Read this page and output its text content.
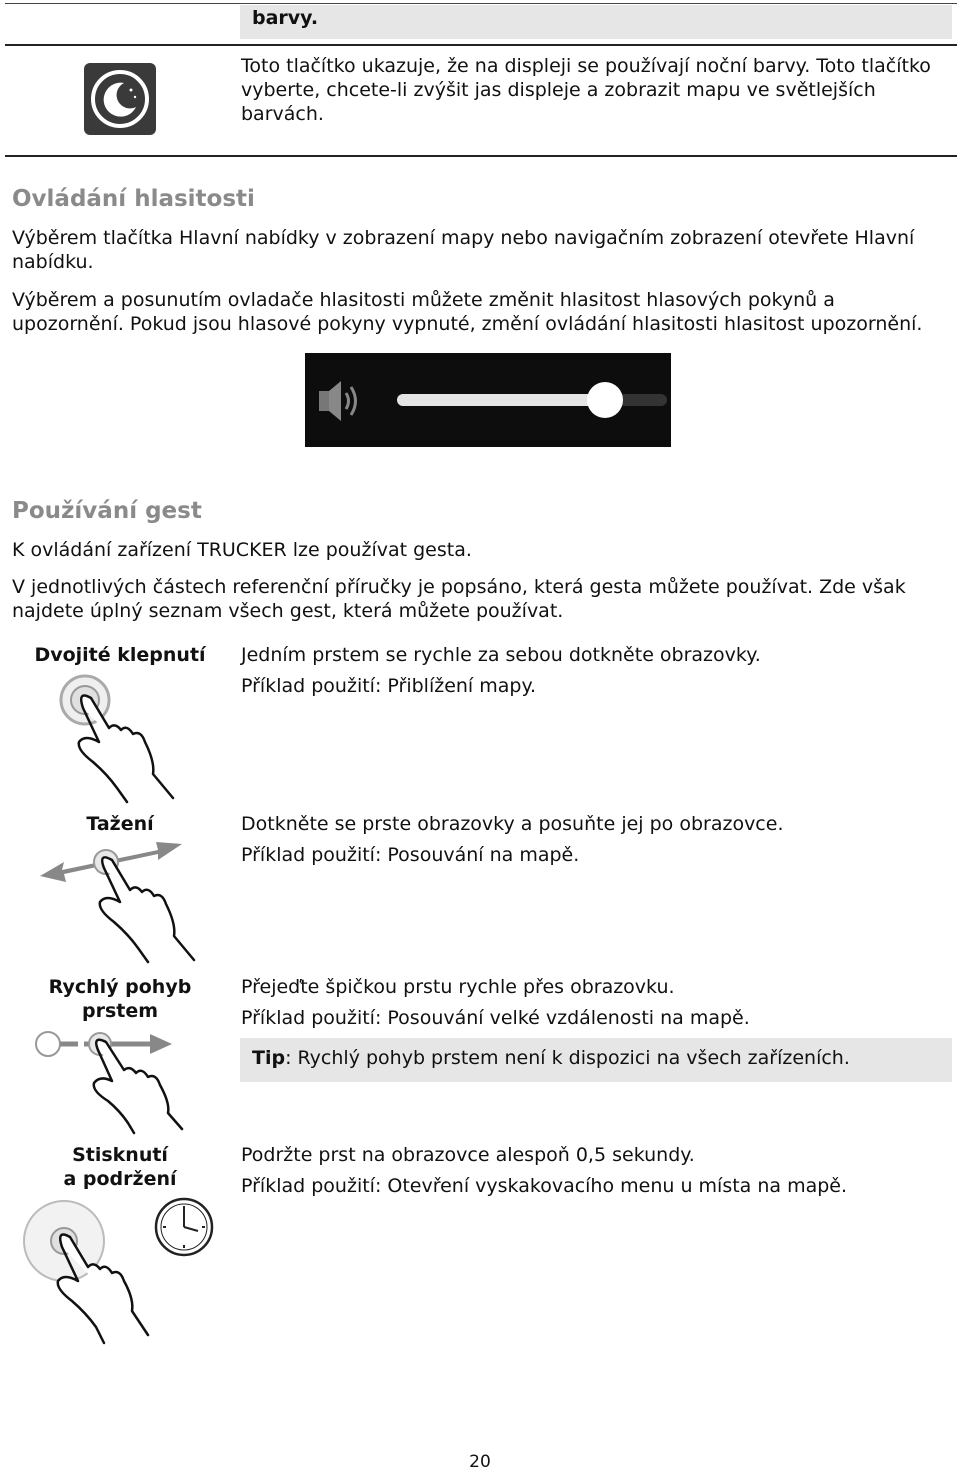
barvy.
Toto tlačítko ukazuje, že na displeji se používají noční barvy. Toto tlačítko vyberte, chcete-li zvýšit jas displeje a zobrazit mapu ve světlejších barvách.
Ovládání hlasitosti
Výběrem tlačítka Hlavní nabídky v zobrazení mapy nebo navigačním zobrazení otevřete Hlavní nabídku.
Výběrem a posunutím ovladače hlasitosti můžete změnit hlasitost hlasových pokynů a upozornění. Pokud jsou hlasové pokyny vypnuté, změní ovládání hlasitosti hlasitost upozornění.
Používání gest
K ovládání zařízení TRUCKER lze používat gesta.
V jednotlivých částech referenční příručky je popsáno, která gesta můžete používat. Zde však najdete úplný seznam všech gest, která můžete používat.
Dvojité klepnutí	Jedním prstem se rychle za sebou dotkněte obrazovky.
Příklad použití: Přiblížení mapy.
Tažení	Dotkněte se prste obrazovky a posuňte jej po obrazovce.
Příklad použití: Posouvání na mapě.
Rychlý pohyb
prstem
Přejeďte špičkou prstu rychle přes obrazovku.
Příklad použití: Posouvání velké vzdálenosti na mapě.
Tip: Rychlý pohyb prstem není k dispozici na všech zařízeních.
Stisknutí
a podržení
Podržte prst na obrazovce alespoň 0,5 sekundy.
Příklad použití: Otevření vyskakovacího menu u místa na mapě.
20
